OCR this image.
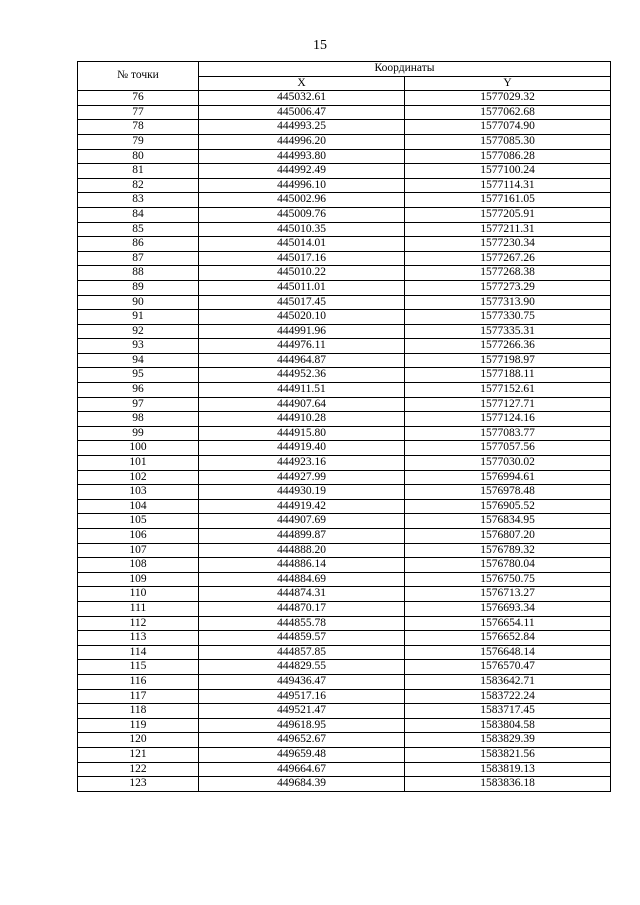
15
№ точки	Координаты	
	X	Y
76	445032.61	1577029.32
77	445006.47	1577062.68
78	444993.25	1577074.90
79	444996.20	1577085.30
80	444993.80	1577086.28
81	444992.49	1577100.24
82	444996.10	1577114.31
83	445002.96	1577161.05
84	445009.76	1577205.91
85	445010.35	1577211.31
86	445014.01	1577230.34
87	445017.16	1577267.26
88	445010.22	1577268.38
89	445011.01	1577273.29
90	445017.45	1577313.90
91	445020.10	1577330.75
92	444991.96	1577335.31
93	444976.11	1577266.36
94	444964.87	1577198.97
95	444952.36	1577188.11
96	444911.51	1577152.61
97	444907.64	1577127.71
98	444910.28	1577124.16
99	444915.80	1577083.77
100	444919.40	1577057.56
101	444923.16	1577030.02
102	444927.99	1576994.61
103	444930.19	1576978.48
104	444919.42	1576905.52
105	444907.69	1576834.95
106	444899.87	1576807.20
107	444888.20	1576789.32
108	444886.14	1576780.04
109	444884.69	1576750.75
110	444874.31	1576713.27
111	444870.17	1576693.34
112	444855.78	1576654.11
113	444859.57	1576652.84
114	444857.85	1576648.14
115	444829.55	1576570.47
116	449436.47	1583642.71
117	449517.16	1583722.24
118	449521.47	1583717.45
119	449618.95	1583804.58
120	449652.67	1583829.39
121	449659.48	1583821.56
122	449664.67	1583819.13
123	449684.39	1583836.18
